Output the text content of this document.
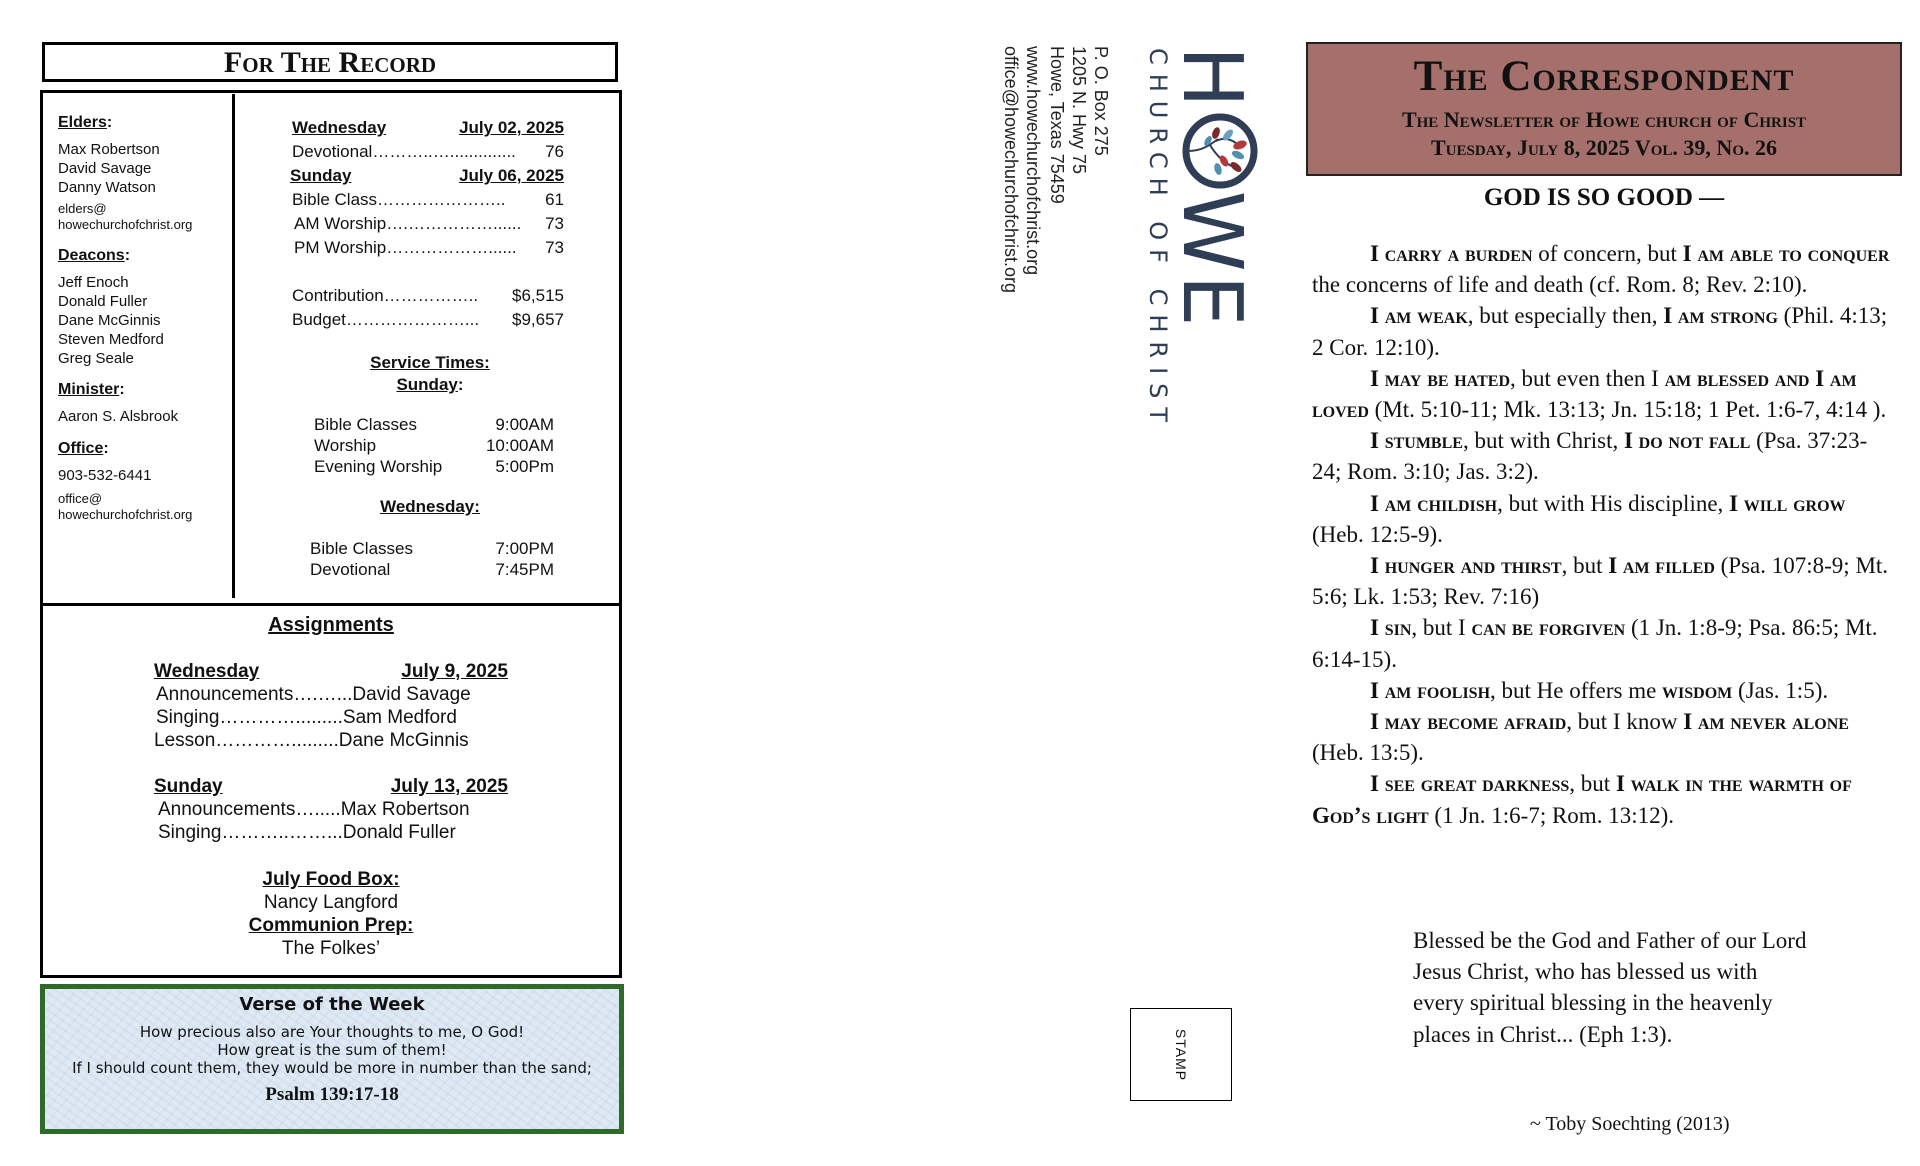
For The Record
Elders:
Max Robertson
David Savage
Danny Watson
elders@
howechurchofchrist.org
Deacons:
Jeff Enoch
Donald Fuller
Dane McGinnis
Steven Medford
Greg Seale
Minister:
Aaron S. Alsbrook
Office:
903-532-6441
office@
howechurchofchrist.org
Wednesday	July 02, 2025
Devotional………..….............. 76
Sunday	July 06, 2025
Bible Class………………….. 61
AM Worship….……………...... 73
PM Worship………………...... 73
Contribution…………….. $6,515
Budget…………………... $9,657
Service Times:
Sunday:
Bible Classes	9:00AM
Worship	10:00AM
Evening Worship	5:00Pm
Wednesday:
Bible Classes	7:00PM
Devotional	7:45PM
Assignments
Wednesday	July 9, 2025
Announcements….…...David Savage
Singing………….........Sam Medford
Lesson………….........Dane McGinnis
Sunday	July 13, 2025
Announcements….....Max Robertson
Singing………..……...Donald Fuller
July Food Box:
Nancy Langford
Communion Prep:
The Folkes’
Verse of the Week
How precious also are Your thoughts to me, O God!
How great is the sum of them!
If I should count them, they would be more in number than the sand;
Psalm 139:17-18
HWE
CHURCH OF CHRIST
P. O. Box 275
1205 N. Hwy 75
Howe, Texas 75459
www.howechurchofchrist.org
office@howechurchofchrist.org
STAMP
The Correspondent
The Newsletter of Howe church of Christ
Tuesday, July 8, 2025 Vol. 39, No. 26
GOD IS SO GOOD —

I carry a burden of concern, but I am able to conquer the concerns of life and death (cf. Rom. 8; Rev. 2:10).

I am weak, but especially then, I am strong (Phil. 4:13; 2 Cor. 12:10).

I may be hated, but even then I am blessed and I am loved (Mt. 5:10-11; Mk. 13:13; Jn. 15:18; 1 Pet. 1:6-7, 4:14 ).

I stumble, but with Christ, I do not fall (Psa. 37:23-24; Rom. 3:10; Jas. 3:2).

I am childish, but with His discipline, I will grow (Heb. 12:5-9).

I hunger and thirst, but I am filled (Psa. 107:8-9; Mt. 5:6; Lk. 1:53; Rev. 7:16)

I sin, but I can be forgiven (1 Jn. 1:8-9; Psa. 86:5; Mt. 6:14-15).

I am foolish, but He offers me wisdom (Jas. 1:5).

I may become afraid, but I know I am never alone (Heb. 13:5).

I see great darkness, but I walk in the warmth of God’s light (1 Jn. 1:6-7; Rom. 13:12).

Blessed be the God and Father of our Lord Jesus Christ, who has blessed us with every spiritual blessing in the heavenly places in Christ... (Eph 1:3).
~ Toby Soechting (2013)
